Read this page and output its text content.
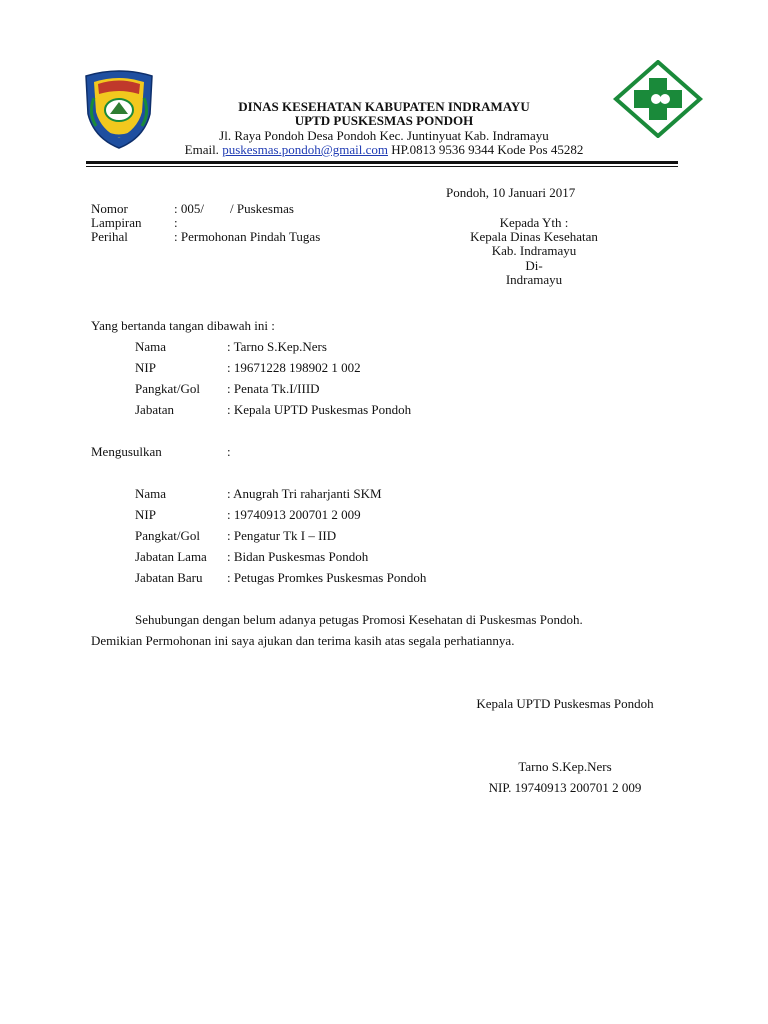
DINAS KESEHATAN KABUPATEN INDRAMAYU
UPTD PUSKESMAS PONDOH
Jl. Raya Pondoh Desa Pondoh Kec. Juntinyuat Kab. Indramayu
Email. puskesmas.pondoh@gmail.com HP.0813 9536 9344 Kode Pos 45282
Pondoh, 10 Januari 2017
Nomor	: 005/        / Puskesmas
Lampiran :
Perihal	: Permohonan Pindah Tugas
Kepada Yth :
Kepala Dinas Kesehatan
Kab. Indramayu
Di-
Indramayu
Yang bertanda tangan dibawah ini :
Nama	: Tarno S.Kep.Ners
NIP	: 19671228 198902 1 002
Pangkat/Gol : Penata Tk.I/IIID
Jabatan	: Kepala UPTD Puskesmas Pondoh
Mengusulkan	:
Nama	: Anugrah Tri raharjanti SKM
NIP	: 19740913 200701 2 009
Pangkat/Gol : Pengatur Tk I – IID
Jabatan Lama : Bidan Puskesmas Pondoh
Jabatan Baru : Petugas Promkes Puskesmas Pondoh
Sehubungan dengan belum adanya petugas Promosi Kesehatan di Puskesmas Pondoh.
Demikian Permohonan ini saya ajukan dan terima kasih atas segala perhatiannya.
Kepala UPTD Puskesmas Pondoh
Tarno S.Kep.Ners
NIP. 19740913 200701 2 009
